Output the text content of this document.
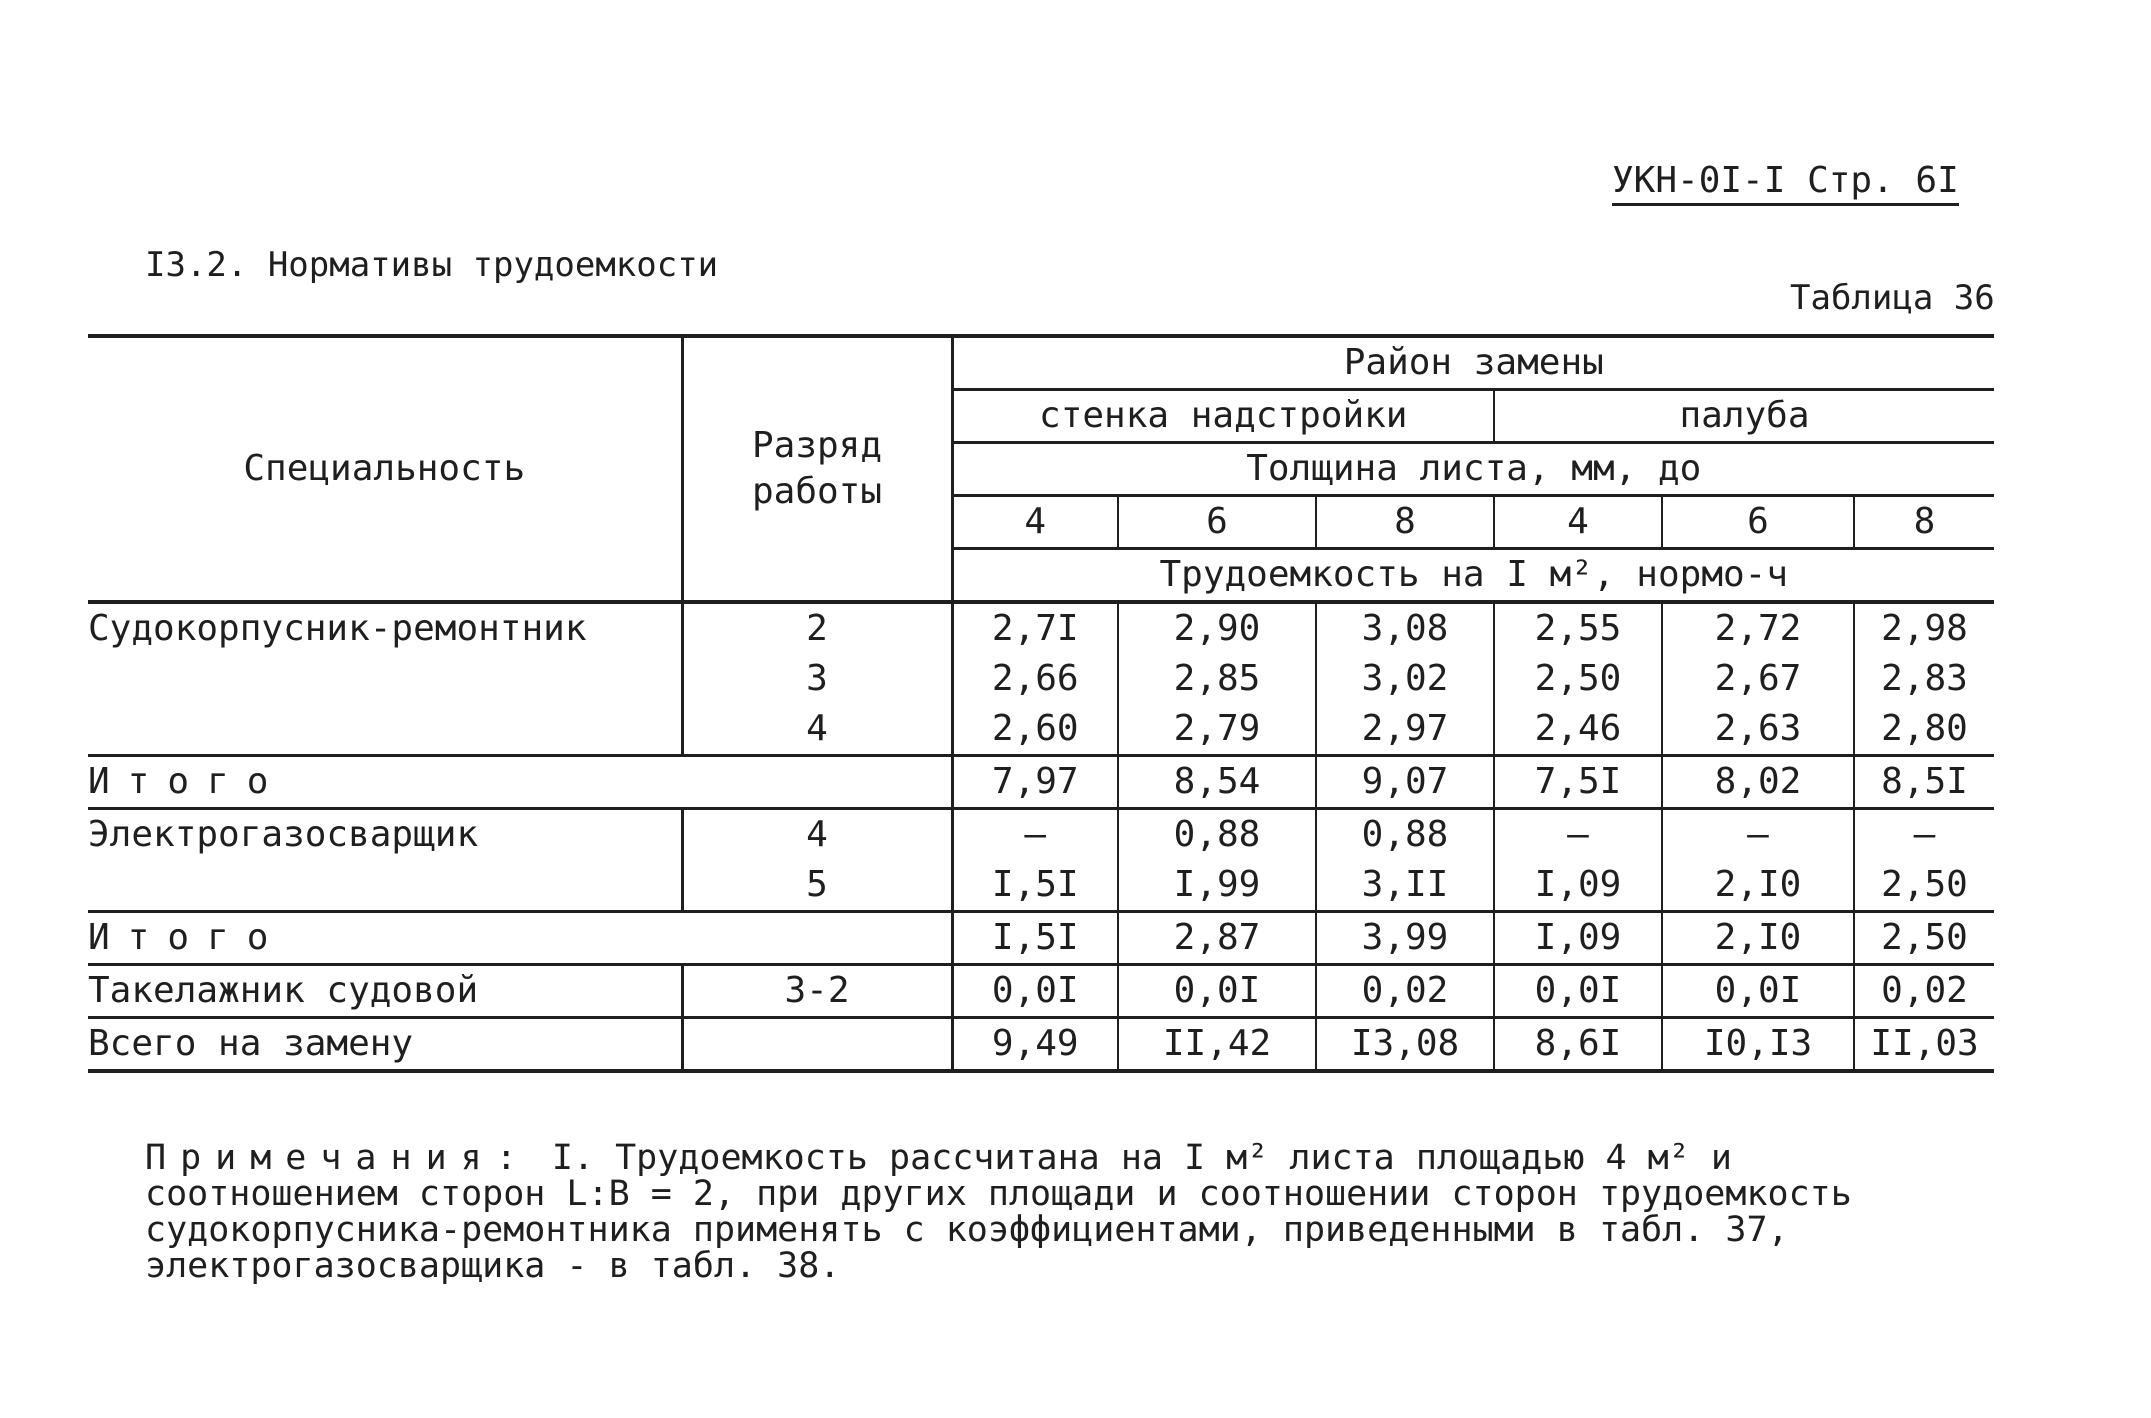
УКН-0I-I Стр. 6I
I3.2. Нормативы трудоемкости
Таблица 36
Специальность	Разряд работы	Район замены					
		стенка надстройки			палуба		
		Толщина листа, мм, до					
		4	6	8	4	6	8
		Трудоемкость на I м², нормо-ч					
Судокорпусник-ремонтник	2	2,7I	2,90	3,08	2,55	2,72	2,98
	3	2,66	2,85	3,02	2,50	2,67	2,83
	4	2,60	2,79	2,97	2,46	2,63	2,80
Итого		7,97	8,54	9,07	7,5I	8,02	8,5I
Электрогазосварщик	4	–	0,88	0,88	–	–	–
	5	I,5I	I,99	3,II	I,09	2,I0	2,50
Итого		I,5I	2,87	3,99	I,09	2,I0	2,50
Такелажник судовой	3-2	0,0I	0,0I	0,02	0,0I	0,0I	0,02
Всего на замену		9,49	II,42	I3,08	8,6I	I0,I3	II,03
Примечания: I. Трудоемкость рассчитана на I м² листа площадью 4 м² и соотношением сторон L:B = 2, при других площади и соотношении сторон трудоемкость судокорпусника-ремонтника применять с коэффициентами, приведенными в табл. 37, электрогазосварщика - в табл. 38.
